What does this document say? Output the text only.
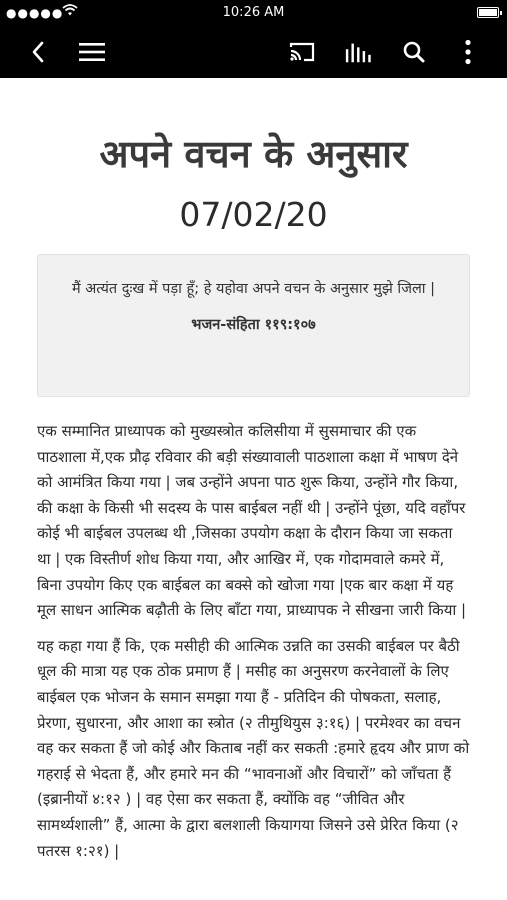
●●●●●	10:26 AM
अपने वचन के अनुसार
07/02/20
मैं अत्यंत दुःख में पड़ा हूँ; हे यहोवा अपने वचन के अनुसार मुझे जिला |
भजन-संहिता ११९:१०७

एक सम्मानित प्राध्यापक को मुख्यस्त्रोत कलिसीया में सुसमाचार की एक पाठशाला में,एक प्रौढ़ रविवार की बड़ी संख्यावाली पाठशाला कक्षा में भाषण देने को आमंत्रित किया गया | जब उन्होंने अपना पाठ शुरू किया, उन्होंने गौर किया, की कक्षा के किसी भी सदस्य के पास बाईबल नहीं थी | उन्होंने पूंछा, यदि वहाँपर कोई भी बाईबल उपलब्ध थी ,जिसका उपयोग कक्षा के दौरान किया जा सकता था | एक विस्तीर्ण शोध किया गया, और आखिर में, एक गोदामवाले कमरे में, बिना उपयोग किए एक बाईबल का बक्से को खोजा गया |एक बार कक्षा में यह मूल साधन आत्मिक बढ़ौती के लिए बाँटा गया, प्राध्यापक ने सीखना जारी किया |

यह कहा गया हैं कि, एक मसीही की आत्मिक उन्नति का उसकी बाईबल पर बैठी धूल की मात्रा यह एक ठोक प्रमाण हैं | मसीह का अनुसरण करनेवालों के लिए बाईबल एक भोजन के समान समझा गया हैं - प्रतिदिन की पोषकता, सलाह, प्रेरणा, सुधारना, और आशा का स्त्रोत (२ तीमुथियुस ३:१६) | परमेश्वर का वचन वह कर सकता हैं जो कोई और किताब नहीं कर सकती :हमारे हृदय और प्राण को गहराई से भेदता हैं, और हमारे मन की “भावनाओं और विचारों” को जाँचता हैं (इब्रानीयों ४:१२ ) | वह ऐसा कर सकता हैं, क्योंकि वह “जीवित और सामर्थ्यशाली” हैं, आत्मा के द्वारा बलशाली कियागया जिसने उसे प्रेरित किया (२ पतरस १:२१) |
